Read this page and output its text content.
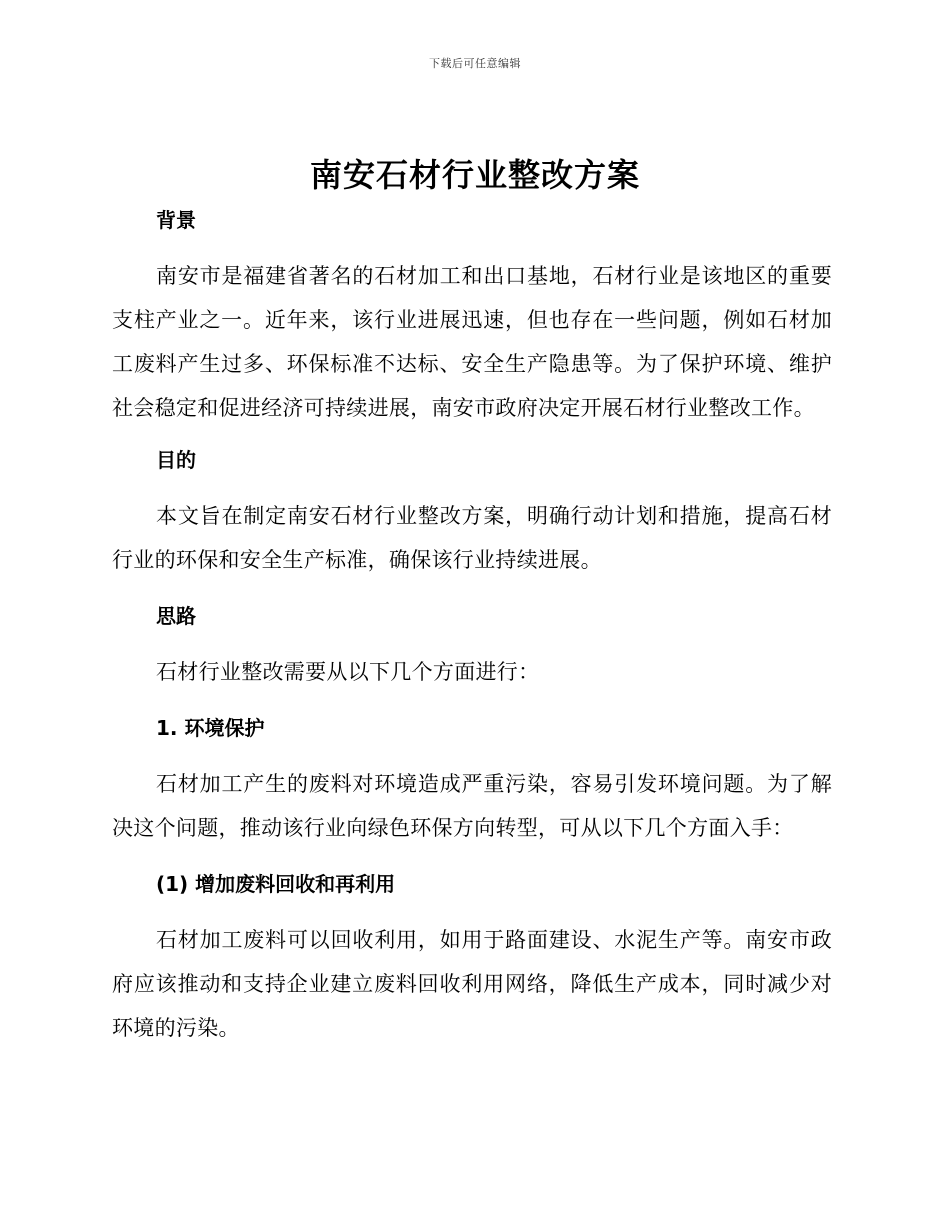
下载后可任意编辑
南安石材行业整改方案
背景

南安市是福建省著名的石材加工和出口基地，石材行业是该地区的重要支柱产业之一。近年来，该行业进展迅速，但也存在一些问题，例如石材加工废料产生过多、环保标准不达标、安全生产隐患等。为了保护环境、维护社会稳定和促进经济可持续进展，南安市政府决定开展石材行业整改工作。

目的

本文旨在制定南安石材行业整改方案，明确行动计划和措施，提高石材行业的环保和安全生产标准，确保该行业持续进展。

思路

石材行业整改需要从以下几个方面进行：

1. 环境保护

石材加工产生的废料对环境造成严重污染，容易引发环境问题。为了解决这个问题，推动该行业向绿色环保方向转型，可从以下几个方面入手：

(1) 增加废料回收和再利用

石材加工废料可以回收利用，如用于路面建设、水泥生产等。南安市政府应该推动和支持企业建立废料回收利用网络，降低生产成本，同时减少对环境的污染。
